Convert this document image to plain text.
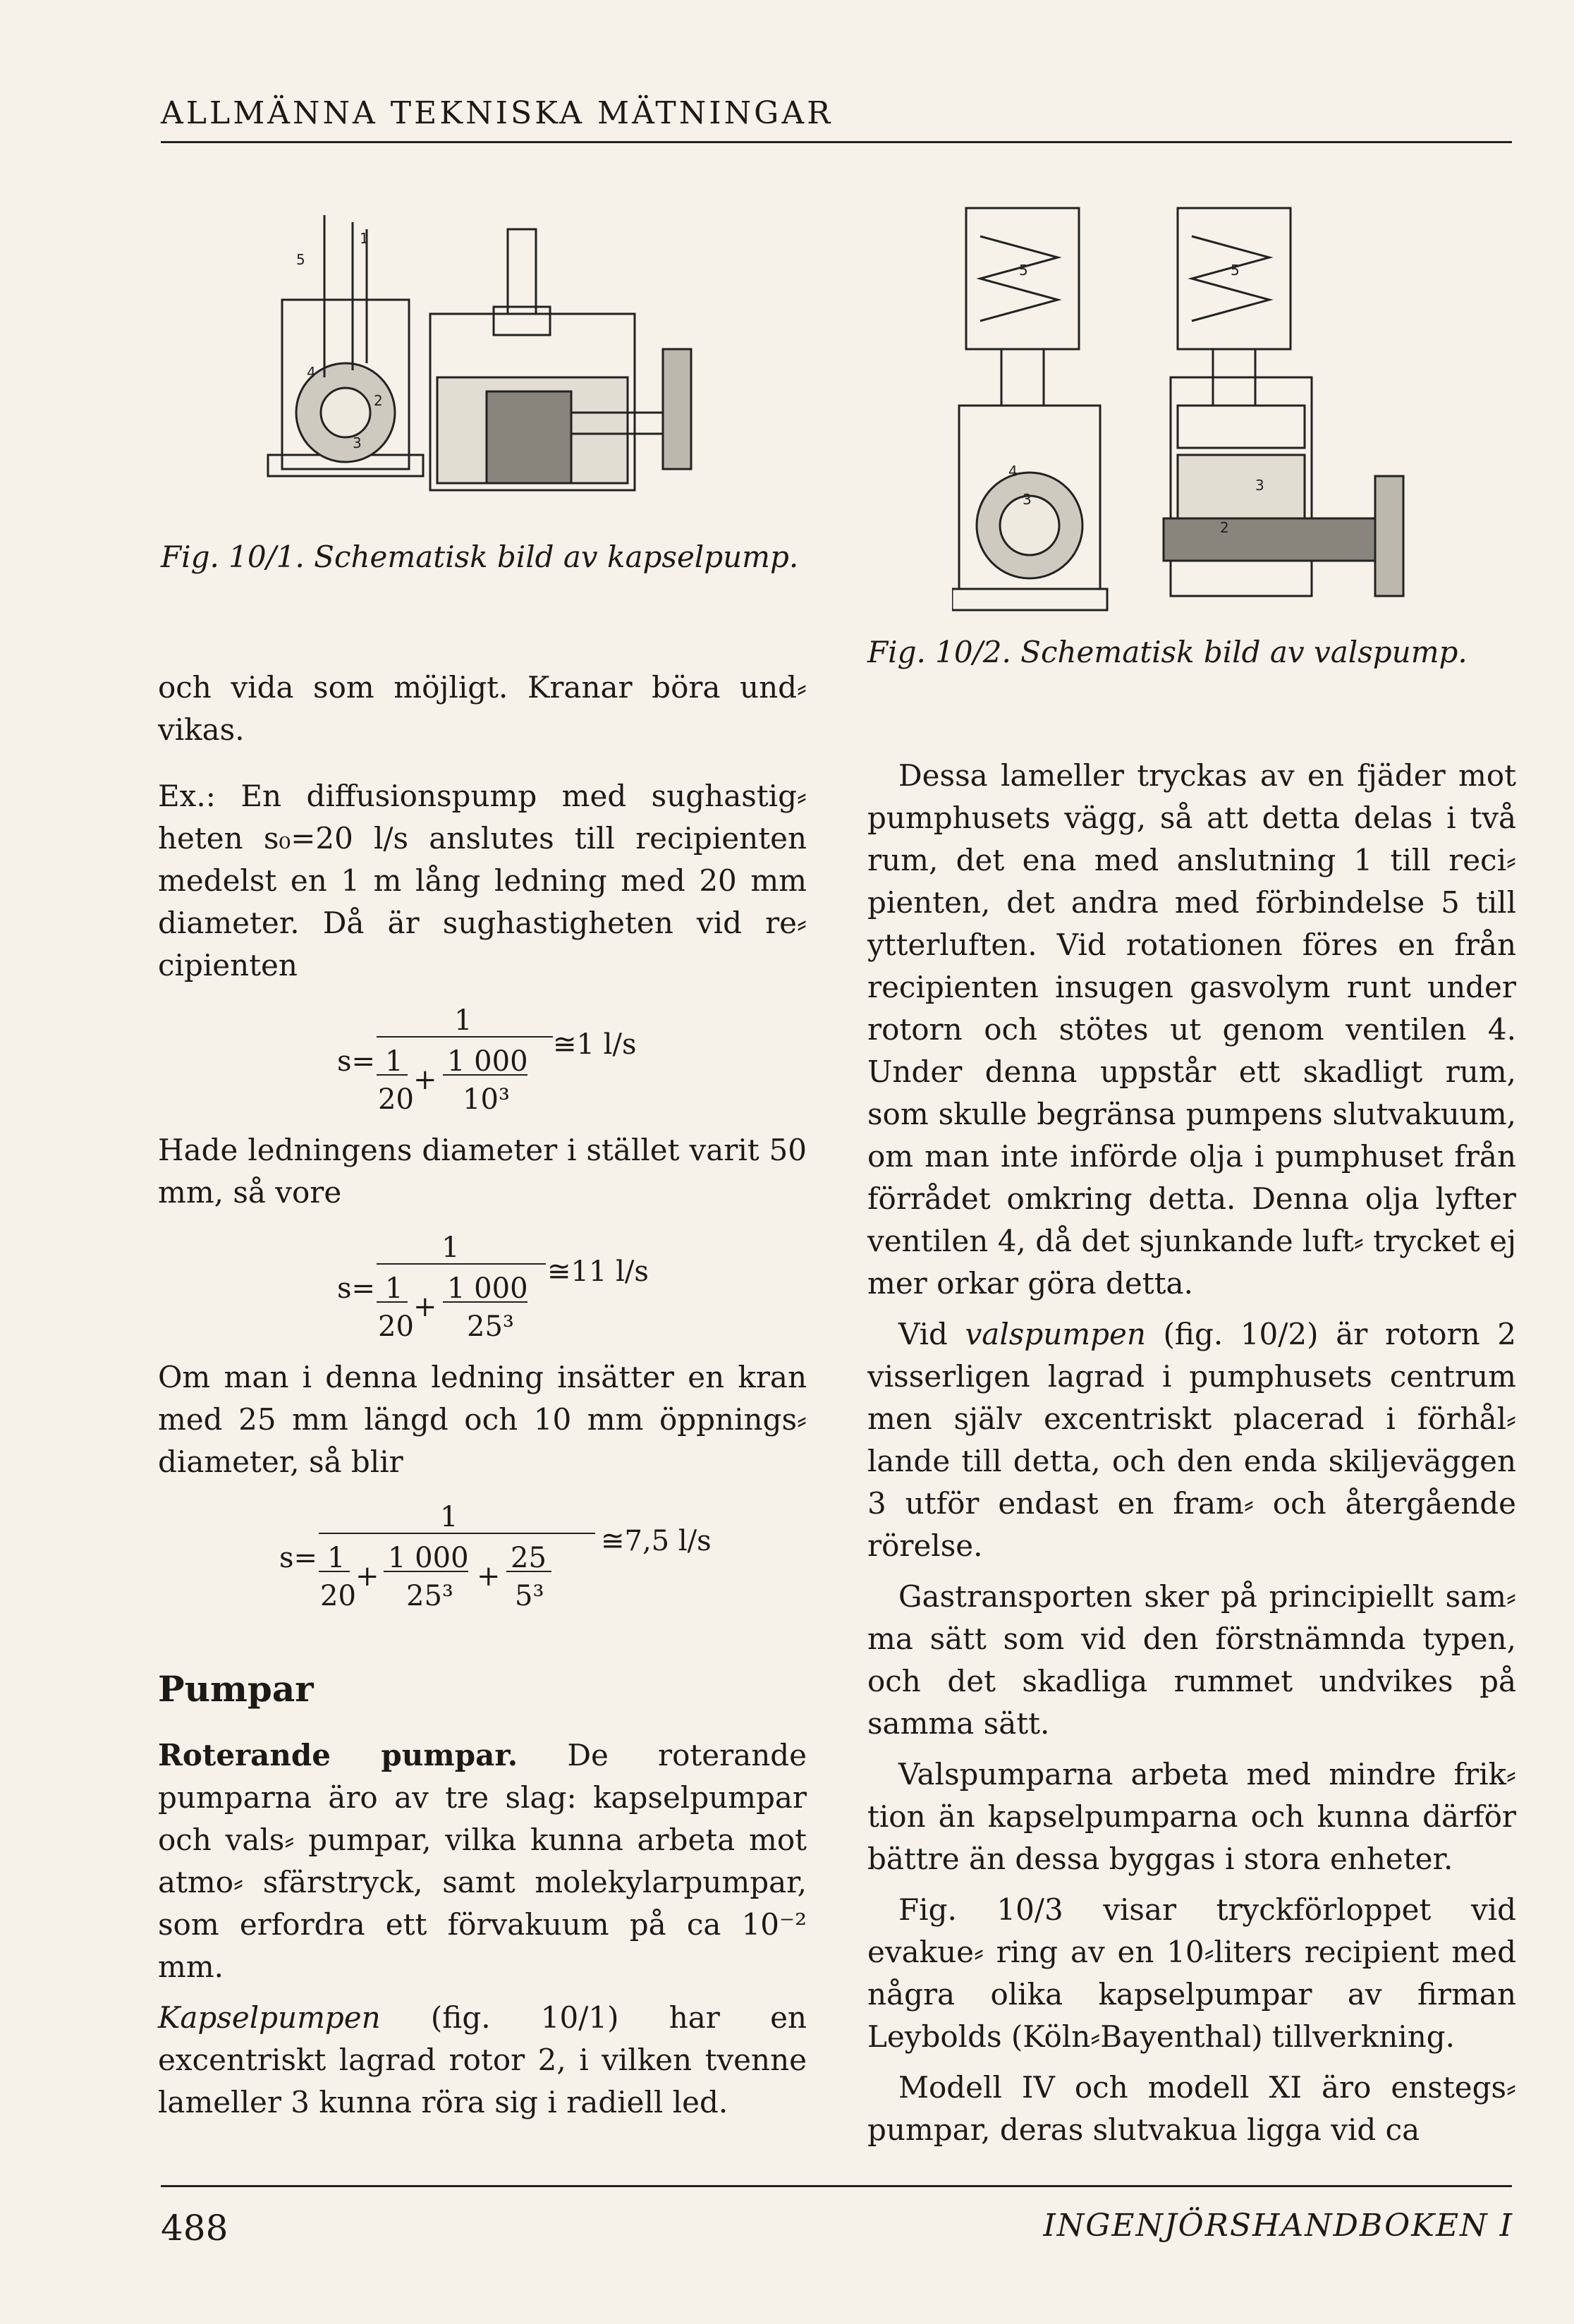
ALLMÄNNA TEKNISKA MÄTNINGAR
5
1
4
2
3
Fig. 10/1. Schematisk bild av kapselpump.
5	5
4
3
3
2
Fig. 10/2. Schematisk bild av valspump.

och vida som möjligt. Kranar böra und⸗ vikas.

Ex.: En diffusionspump med sughastig⸗ heten s₀=20 l/s anslutes till recipienten medelst en 1 m lång ledning med 20 mm diameter. Då är sughastigheten vid re⸗ cipienten

s=
1
1
20
+
1 000
10³
≅1 l/s

Hade ledningens diameter i stället varit 50 mm, så vore

s=
1
1
20
+
1 000
25³
≅11 l/s

Om man i denna ledning insätter en kran med 25 mm längd och 10 mm öppnings⸗ diameter, så blir

s=
1
1
20
+
1 000
25³
+
25
5³
≅7,5 l/s
Pumpar

Roterande pumpar. De roterande pumparna äro av tre slag: kapselpumpar och vals⸗ pumpar, vilka kunna arbeta mot atmo⸗ sfärstryck, samt molekylarpumpar, som erfordra ett förvakuum på ca 10⁻² mm.

Kapselpumpen (fig. 10/1) har en excentriskt lagrad rotor 2, i vilken tvenne lameller 3 kunna röra sig i radiell led.

Dessa lameller tryckas av en fjäder mot pumphusets vägg, så att detta delas i två rum, det ena med anslutning 1 till reci⸗ pienten, det andra med förbindelse 5 till ytterluften. Vid rotationen föres en från recipienten insugen gasvolym runt under rotorn och stötes ut genom ventilen 4. Under denna uppstår ett skadligt rum, som skulle begränsa pumpens slutvakuum, om man inte införde olja i pumphuset från förrådet omkring detta. Denna olja lyfter ventilen 4, då det sjunkande luft⸗ trycket ej mer orkar göra detta.

Vid valspumpen (fig. 10/2) är rotorn 2 visserligen lagrad i pumphusets centrum men själv excentriskt placerad i förhål⸗ lande till detta, och den enda skiljeväggen 3 utför endast en fram⸗ och återgående rörelse.

Gastransporten sker på principiellt sam⸗ ma sätt som vid den förstnämnda typen, och det skadliga rummet undvikes på samma sätt.

Valspumparna arbeta med mindre frik⸗ tion än kapselpumparna och kunna därför bättre än dessa byggas i stora enheter.

Fig. 10/3 visar tryckförloppet vid evakue⸗ ring av en 10⸗liters recipient med några olika kapselpumpar av firman Leybolds (Köln⸗Bayenthal) tillverkning.

Modell IV och modell XI äro enstegs⸗ pumpar, deras slutvakua ligga vid ca

488	INGENJÖRSHANDBOKEN I
